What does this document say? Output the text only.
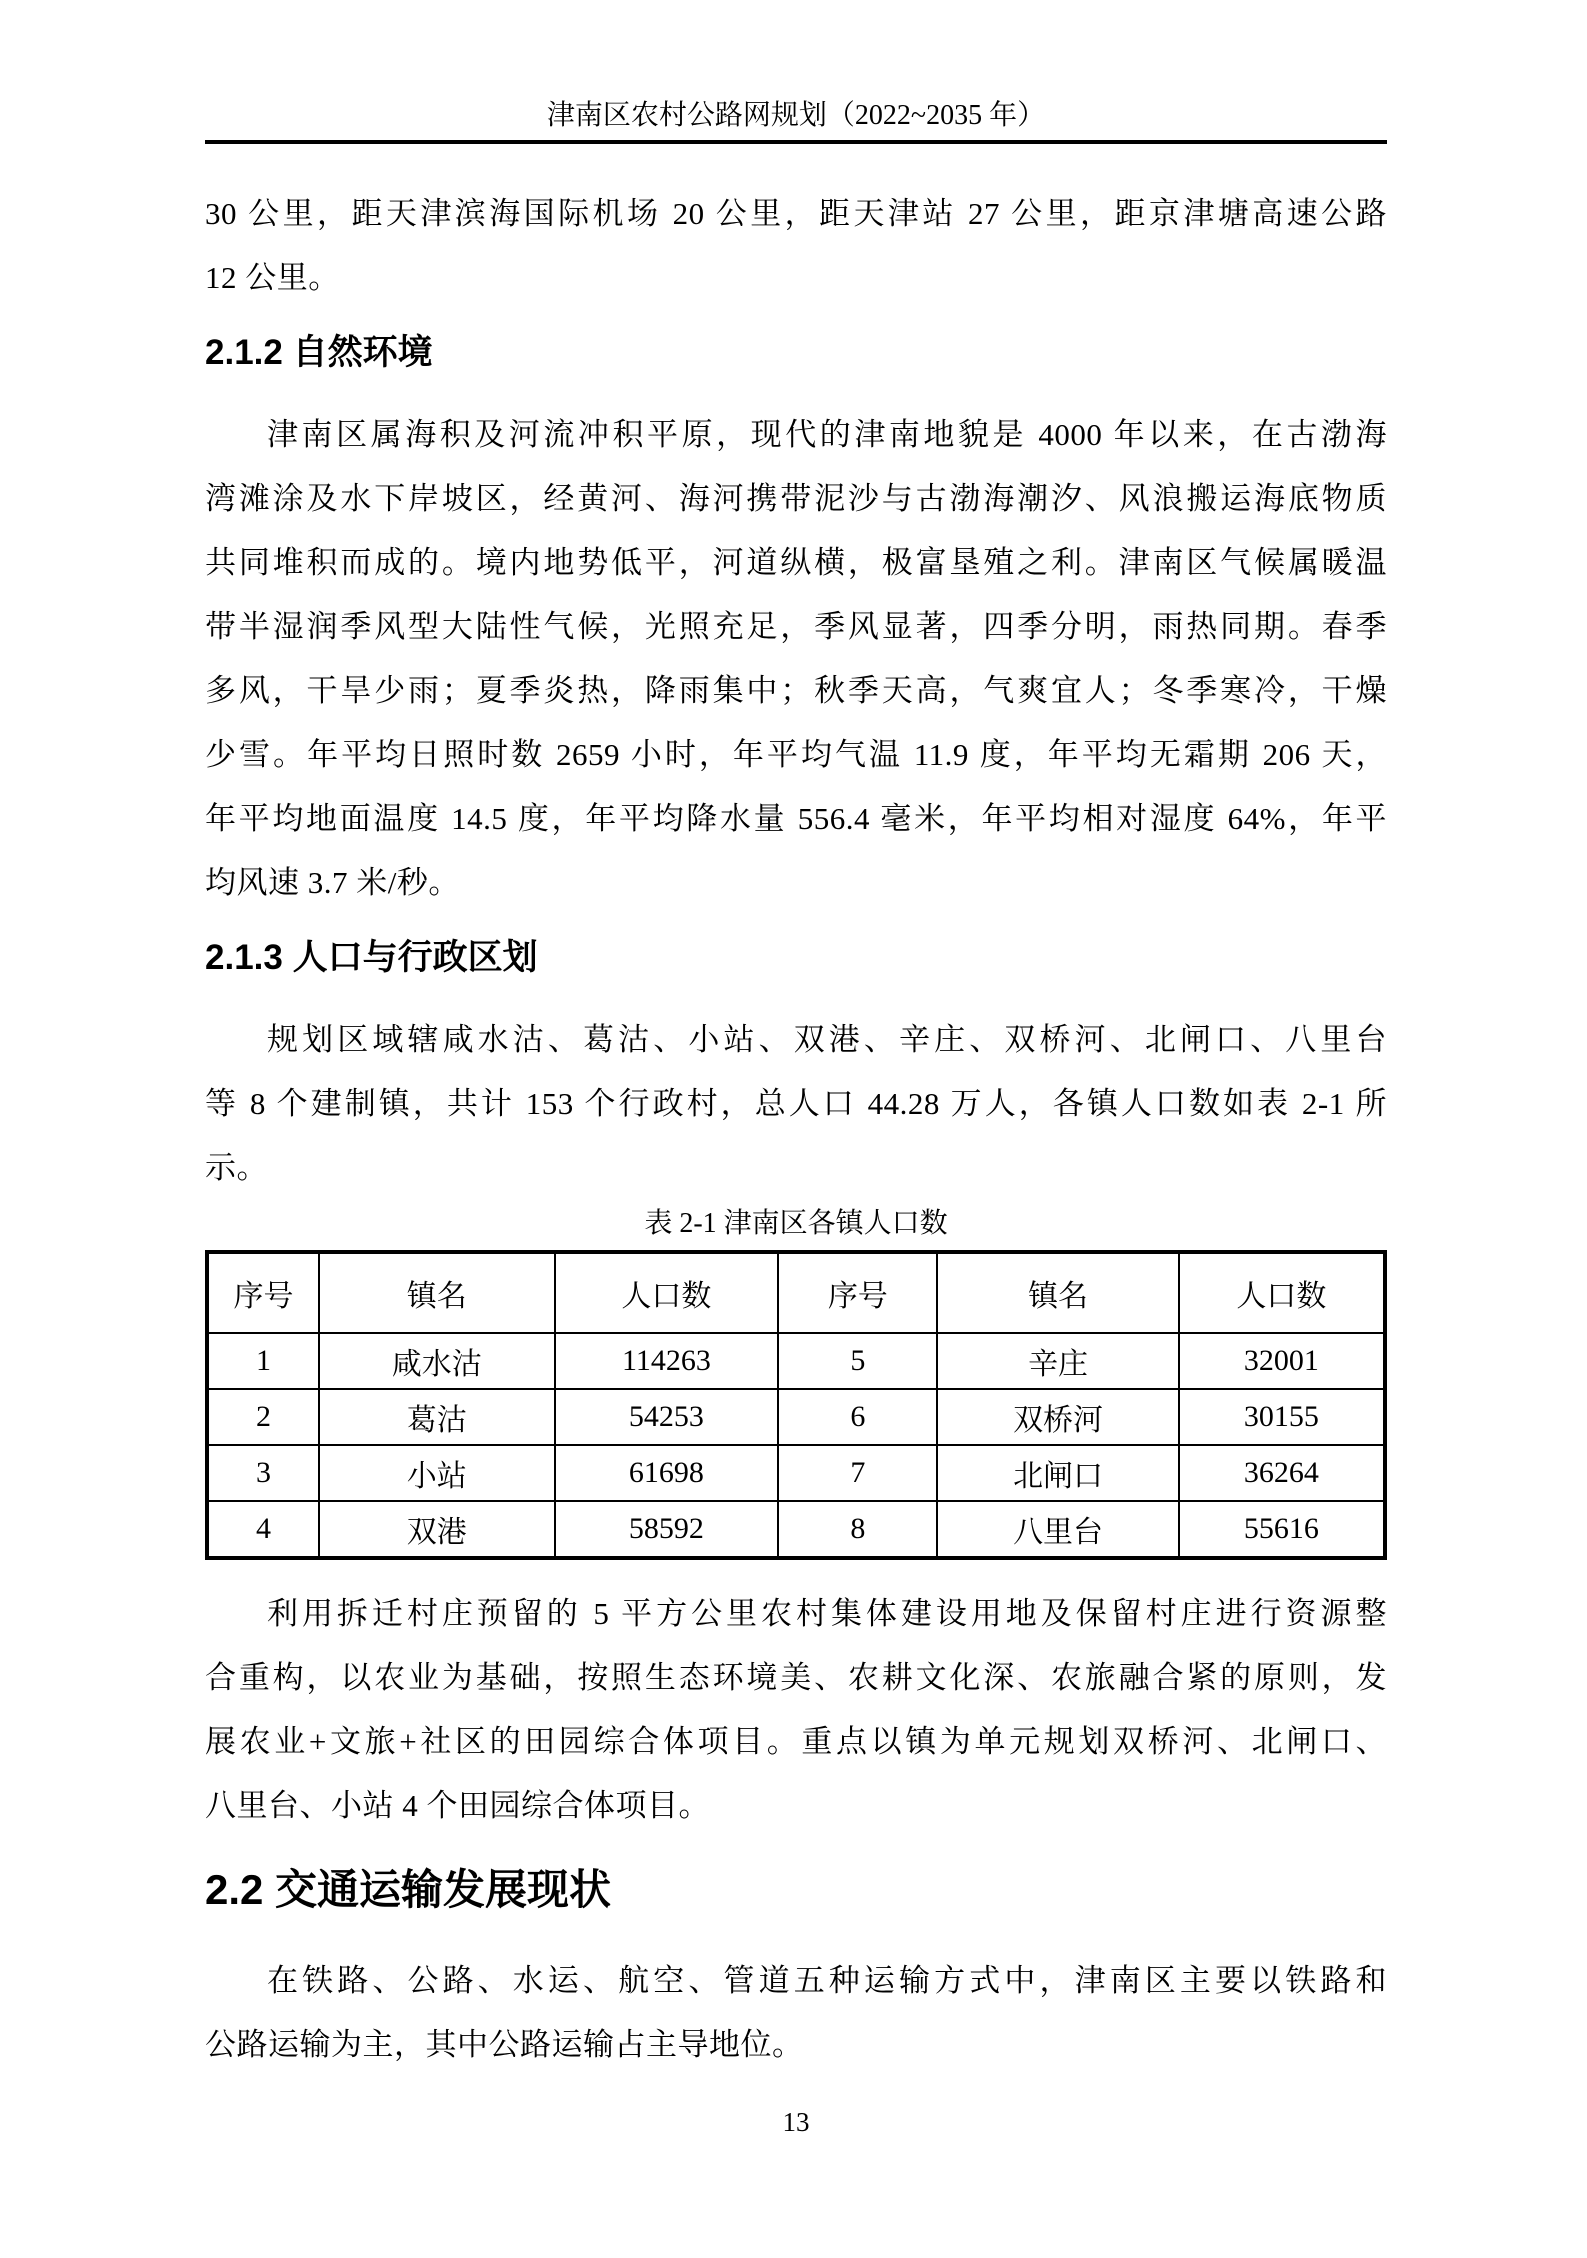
津南区农村公路网规划（2022~2035 年）
30 公里，距天津滨海国际机场 20 公里，距天津站 27 公里，距京津塘高速公路
12 公里。
2.1.2 自然环境
津南区属海积及河流冲积平原，现代的津南地貌是 4000 年以来，在古渤海
湾滩涂及水下岸坡区，经黄河、海河携带泥沙与古渤海潮汐、风浪搬运海底物质
共同堆积而成的。境内地势低平，河道纵横，极富垦殖之利。津南区气候属暖温
带半湿润季风型大陆性气候，光照充足，季风显著，四季分明，雨热同期。春季
多风，干旱少雨；夏季炎热，降雨集中；秋季天高，气爽宜人；冬季寒冷，干燥
少雪。年平均日照时数 2659 小时，年平均气温 11.9 度，年平均无霜期 206 天，
年平均地面温度 14.5 度，年平均降水量 556.4 毫米，年平均相对湿度 64%，年平
均风速 3.7 米/秒。
2.1.3 人口与行政区划
规划区域辖咸水沽、葛沽、小站、双港、辛庄、双桥河、北闸口、八里台
等 8 个建制镇，共计 153 个行政村，总人口 44.28 万人，各镇人口数如表 2-1 所
示。
表 2-1 津南区各镇人口数
序号	镇名	人口数	序号	镇名	人口数
1	咸水沽	114263	5	辛庄	32001
2	葛沽	54253	6	双桥河	30155
3	小站	61698	7	北闸口	36264
4	双港	58592	8	八里台	55616
利用拆迁村庄预留的 5 平方公里农村集体建设用地及保留村庄进行资源整
合重构，以农业为基础，按照生态环境美、农耕文化深、农旅融合紧的原则，发
展农业+文旅+社区的田园综合体项目。重点以镇为单元规划双桥河、北闸口、
八里台、小站 4 个田园综合体项目。
2.2 交通运输发展现状
在铁路、公路、水运、航空、管道五种运输方式中，津南区主要以铁路和
公路运输为主，其中公路运输占主导地位。
13
